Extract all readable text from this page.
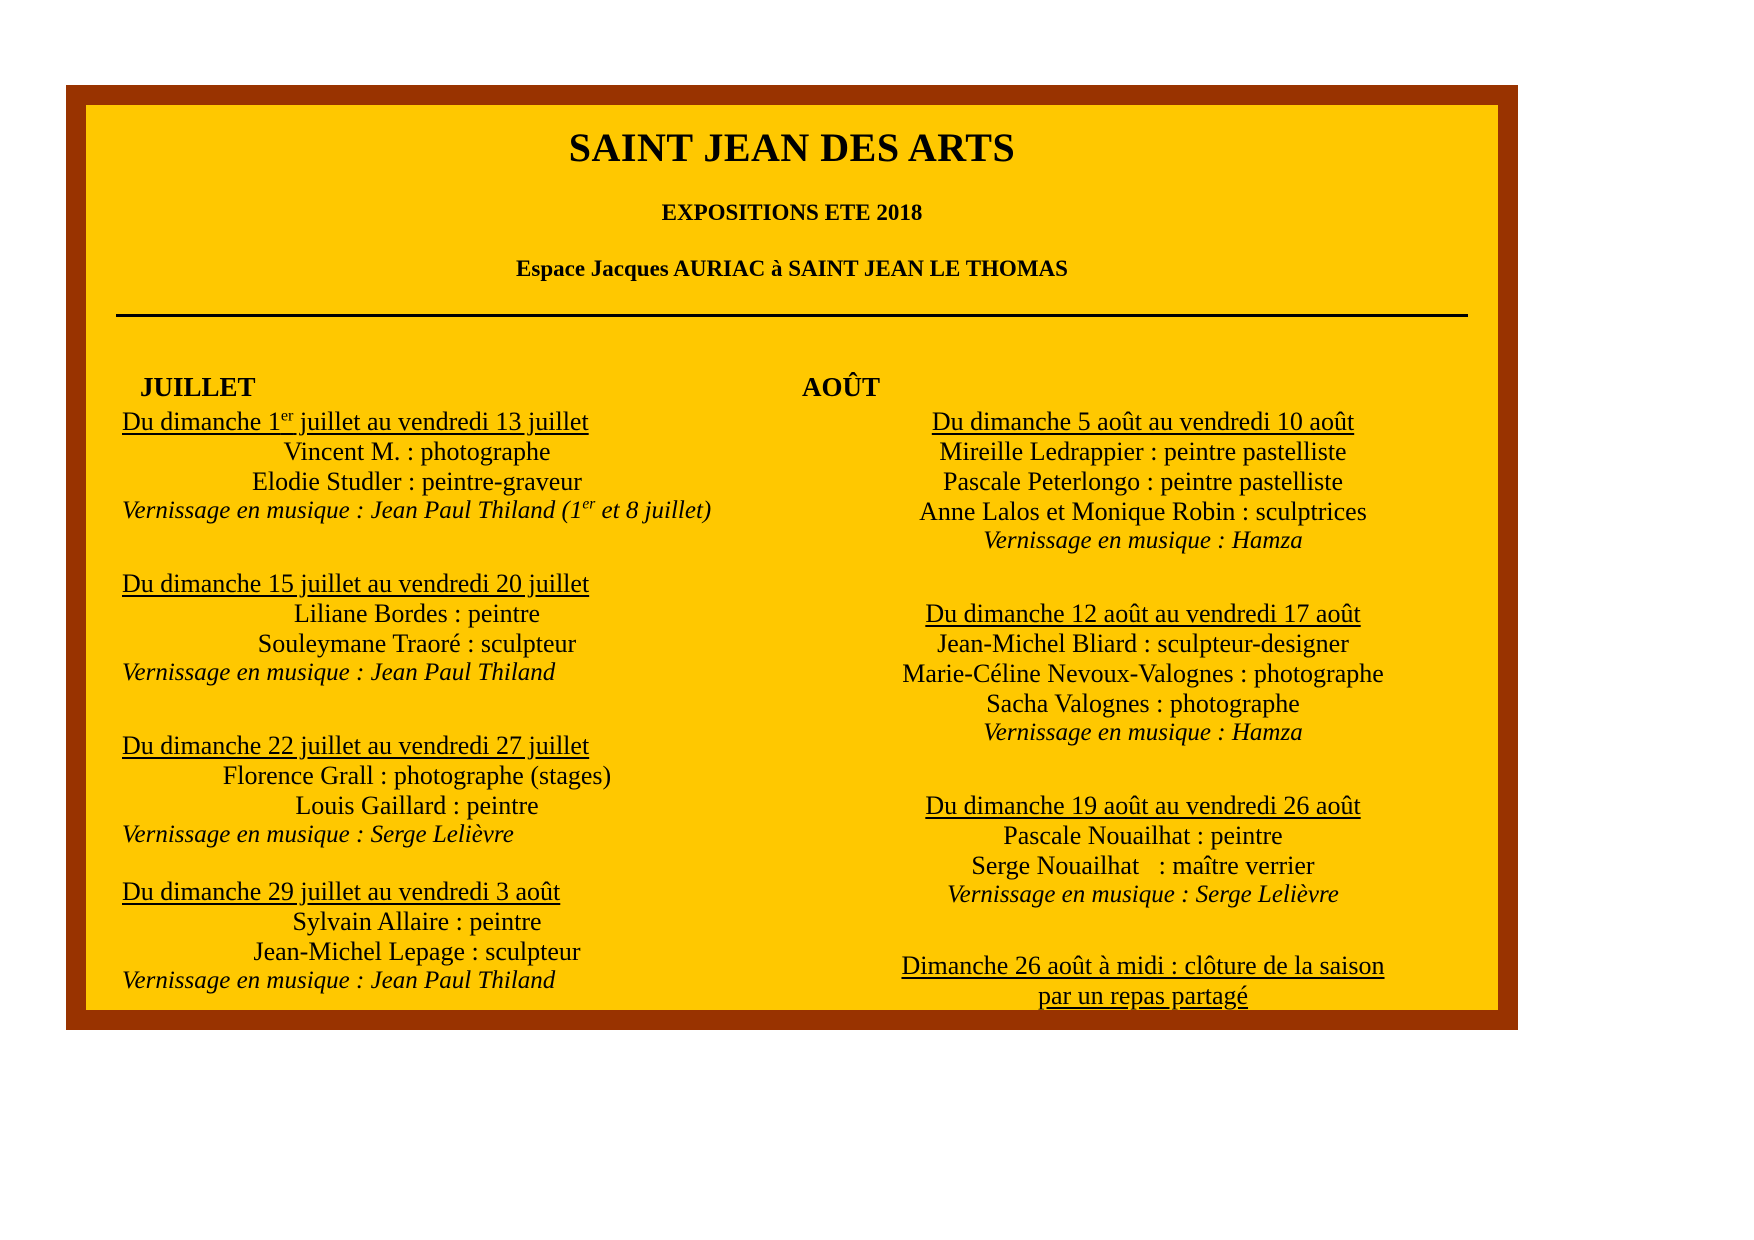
SAINT JEAN DES ARTS
EXPOSITIONS ETE 2018
Espace Jacques AURIAC à SAINT JEAN LE THOMAS
JUILLET
Du dimanche 1er juillet au vendredi 13 juillet
Vincent M. : photographe
Elodie Studler : peintre-graveur
Vernissage en musique : Jean Paul Thiland (1er et 8 juillet)
Du dimanche 15 juillet au vendredi 20 juillet
Liliane Bordes : peintre
Souleymane Traoré : sculpteur
Vernissage en musique : Jean Paul Thiland
Du dimanche 22 juillet au vendredi 27 juillet
Florence Grall : photographe (stages)
Louis Gaillard : peintre
Vernissage en musique : Serge Lelièvre
Du dimanche 29 juillet au vendredi 3 août
Sylvain Allaire : peintre
Jean-Michel Lepage : sculpteur
Vernissage en musique : Jean Paul Thiland
AOÛT
Du dimanche 5 août au vendredi 10 août
Mireille Ledrappier : peintre pastelliste
Pascale Peterlongo : peintre pastelliste
Anne Lalos et Monique Robin : sculptrices
Vernissage en musique : Hamza
Du dimanche 12 août au vendredi 17 août
Jean-Michel Bliard : sculpteur-designer
Marie-Céline Nevoux-Valognes : photographe
Sacha Valognes : photographe
Vernissage en musique : Hamza
Du dimanche 19 août au vendredi 26 août
Pascale Nouailhat : peintre
Serge Nouailhat   : maître verrier
Vernissage en musique : Serge Lelièvre
Dimanche 26 août à midi : clôture de la saison
par un repas partagé
